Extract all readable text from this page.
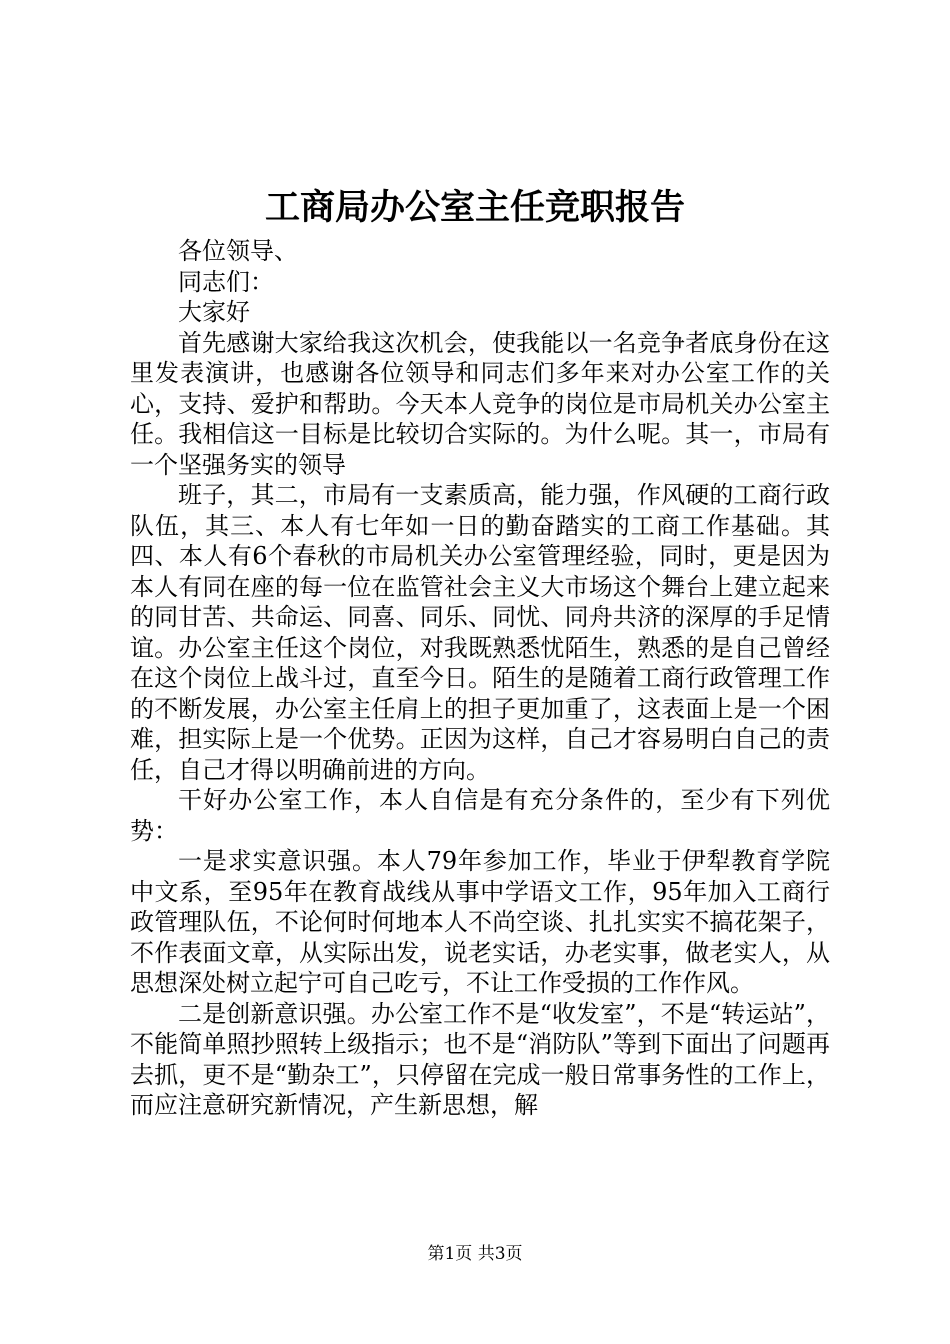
工商局办公室主任竞职报告

各位领导、

同志们：

大家好

首先感谢大家给我这次机会，使我能以一名竞争者底身份在这里发表演讲，也感谢各位领导和同志们多年来对办公室工作的关心，支持、爱护和帮助。今天本人竞争的岗位是市局机关办公室主任。我相信这一目标是比较切合实际的。为什么呢。其一，市局有一个坚强务实的领导

班子，其二，市局有一支素质高，能力强，作风硬的工商行政队伍，其三、本人有七年如一日的勤奋踏实的工商工作基础。其四、本人有6个春秋的市局机关办公室管理经验，同时，更是因为本人有同在座的每一位在监管社会主义大市场这个舞台上建立起来的同甘苦、共命运、同喜、同乐、同忧、同舟共济的深厚的手足情谊。办公室主任这个岗位，对我既熟悉忧陌生，熟悉的是自己曾经在这个岗位上战斗过，直至今日。陌生的是随着工商行政管理工作的不断发展，办公室主任肩上的担子更加重了，这表面上是一个困难，担实际上是一个优势。正因为这样，自己才容易明白自己的责任，自己才得以明确前进的方向。

干好办公室工作，本人自信是有充分条件的，至少有下列优势：

一是求实意识强。本人79年参加工作，毕业于伊犁教育学院中文系，至95年在教育战线从事中学语文工作，95年加入工商行政管理队伍，不论何时何地本人不尚空谈、扎扎实实不搞花架子，不作表面文章，从实际出发，说老实话，办老实事，做老实人，从思想深处树立起宁可自己吃亏，不让工作受损的工作作风。

二是创新意识强。办公室工作不是“收发室”，不是“转运站”，不能简单照抄照转上级指示；也不是“消防队”等到下面出了问题再去抓，更不是“勤杂工”，只停留在完成一般日常事务性的工作上，而应注意研究新情况，产生新思想，解

第1页 共3页
